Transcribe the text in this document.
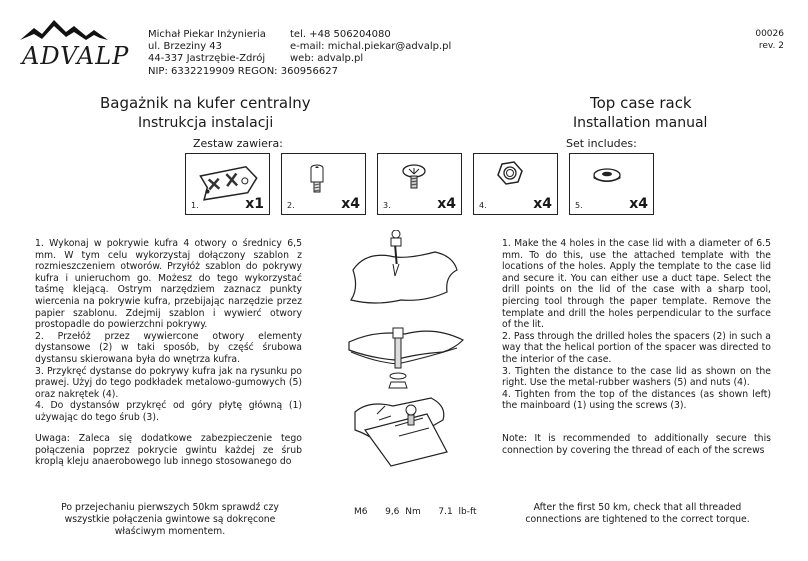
ADVALP
Michał Piekar Inżynieria
ul. Brzeziny 43
44-337 Jastrzębie-Zdrój
NIP: 6332219909 REGON: 360956627
tel. +48 506204080
e-mail: michal.piekar@advalp.pl
web: advalp.pl
00026
rev. 2
Bagażnik na kufer centralny
Instrukcja instalacji
Zestaw zawiera:
Top case rack
Installation manual
Set includes:
1.	x1	2.	x4	3.	x4	4.	x4	5.	x4

1. Wykonaj w pokrywie kufra 4 otwory o średnicy 6,5 mm. W tym celu wykorzystaj dołączony szablon z rozmieszczeniem otworów. Przyłóż szablon do pokrywy kufra i unieruchom go. Możesz do tego wykorzystać taśmę klejącą. Ostrym narzędziem zaznacz punkty wiercenia na pokrywie kufra, przebijając narzędzie przez papier szablonu. Zdejmij szablon i wywierć otwory prostopadle do powierzchni pokrywy.

2. Przełóż przez wywiercone otwory elementy dystansowe (2) w taki sposób, by część śrubowa dystansu skierowana była do wnętrza kufra.

3. Przykręć dystanse do pokrywy kufra jak na rysunku po prawej. Użyj do tego podkładek metalowo-gumowych (5) oraz nakrętek (4).

4. Do dystansów przykręć od góry płytę główną (1) używając do tego śrub (3).

Uwaga: Zaleca się dodatkowe zabezpieczenie tego połączenia poprzez pokrycie gwintu każdej ze śrub kroplą kleju anaerobowego lub innego stosowanego do

1. Make the 4 holes in the case lid with a diameter of 6.5 mm. To do this, use the attached template with the locations of the holes. Apply the template to the case lid and secure it. You can either use a duct tape. Select the drill points on the lid of the case with a sharp tool, piercing tool through the paper template. Remove the template and drill the holes perpendicular to the surface of the lit.

2. Pass through the drilled holes the spacers (2) in such a way that the helical portion of the spacer was directed to the interior of the case.

3. Tighten the distance to the case lid as shown on the right. Use the metal-rubber washers (5) and nuts (4).

4. Tighten from the top of the distances (as shown left) the mainboard (1) using the screws (3).

Note: It is recommended to additionally secure this connection by covering the thread of each of the screws
Po przejechaniu pierwszych 50km sprawdź czy wszystkie połączenia gwintowe są dokręcone właściwym momentem.
After the first 50 km, check that all threaded connections are tightened to the correct torque.
M6 9,6 Nm 7.1 lb-ft
